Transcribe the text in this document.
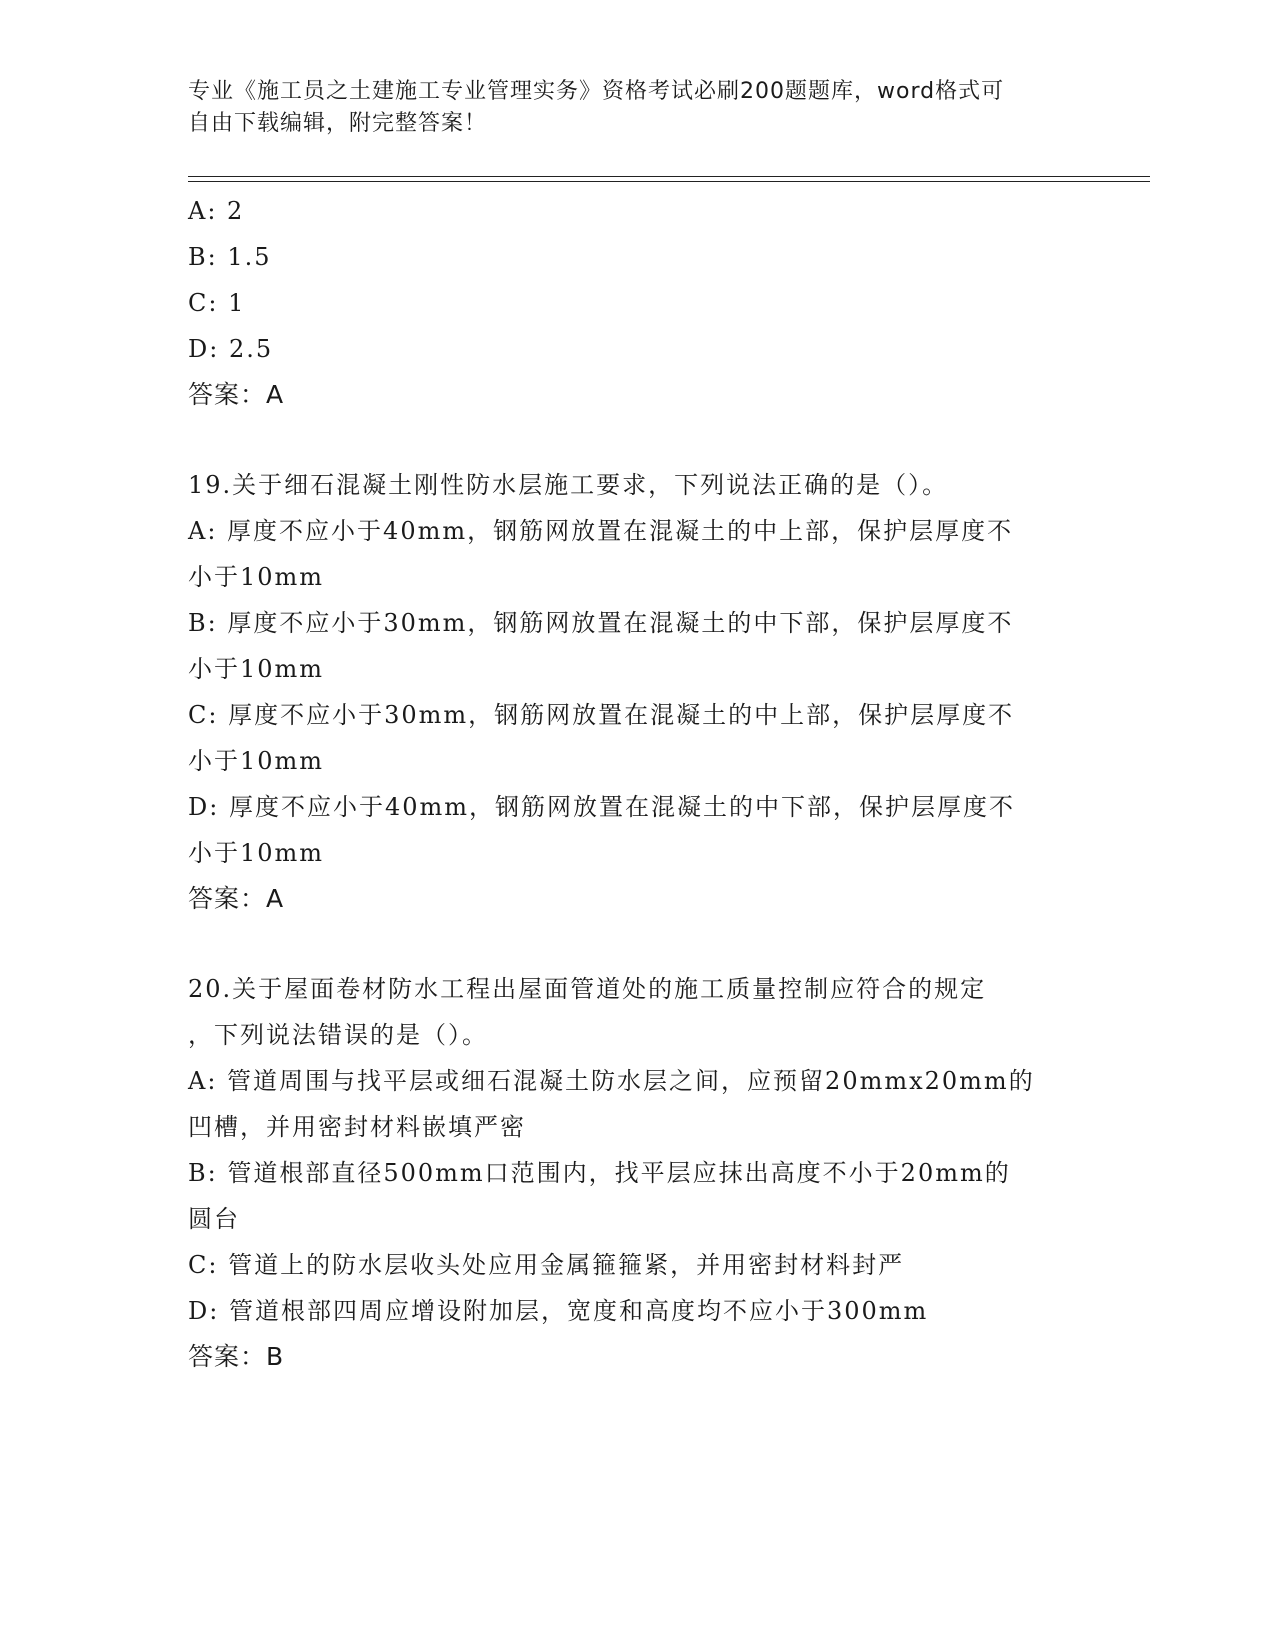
专业《施工员之土建施工专业管理实务》资格考试必刷200题题库，word格式可
自由下载编辑，附完整答案！
A: 2
B: 1.5
C: 1
D: 2.5
答案：A
19.关于细石混凝土刚性防水层施工要求，下列说法正确的是（）。
A: 厚度不应小于40mm，钢筋网放置在混凝土的中上部，保护层厚度不
小于10mm
B: 厚度不应小于30mm，钢筋网放置在混凝土的中下部，保护层厚度不
小于10mm
C: 厚度不应小于30mm，钢筋网放置在混凝土的中上部，保护层厚度不
小于10mm
D: 厚度不应小于40mm，钢筋网放置在混凝土的中下部，保护层厚度不
小于10mm
答案：A
20.关于屋面卷材防水工程出屋面管道处的施工质量控制应符合的规定
，下列说法错误的是（）。
A: 管道周围与找平层或细石混凝土防水层之间，应预留20mmx20mm的
凹槽，并用密封材料嵌填严密
B: 管道根部直径500mm口范围内，找平层应抹出高度不小于20mm的
圆台
C: 管道上的防水层收头处应用金属箍箍紧，并用密封材料封严
D: 管道根部四周应增设附加层，宽度和高度均不应小于300mm
答案：B
